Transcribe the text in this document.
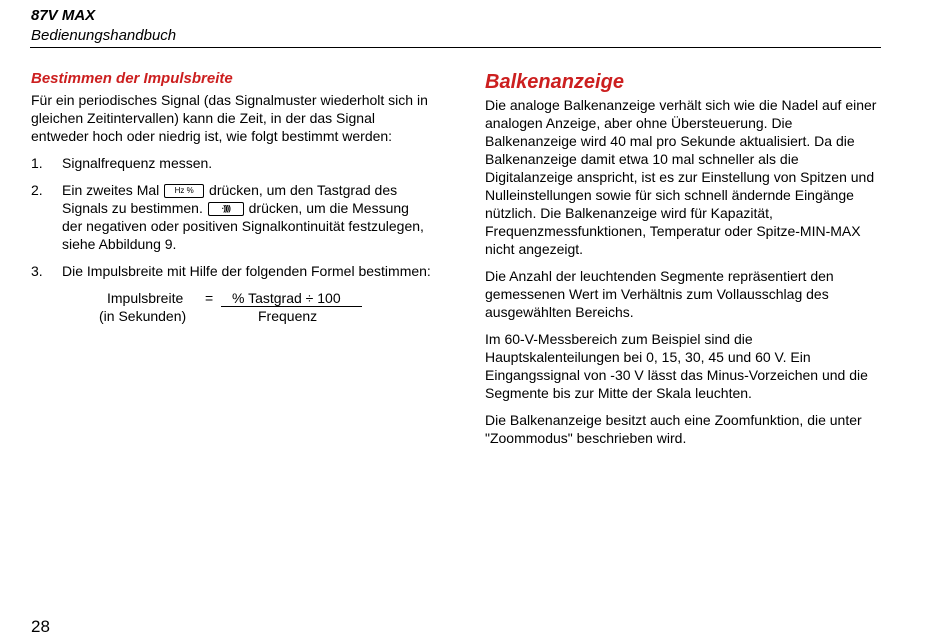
87V MAX
Bedienungshandbuch
Bestimmen der Impulsbreite

Für ein periodisches Signal (das Signalmuster wiederholt sich in gleichen Zeitintervallen) kann die Zeit, in der das Signal entweder hoch oder niedrig ist, wie folgt bestimmt werden:

1. Signalfrequenz messen.
2. Ein zweites Mal Hz % drücken, um den Tastgrad des Signals zu bestimmen. ·)))) drücken, um die Messung der negativen oder positiven Signalkontinuität festzulegen, siehe Abbildung 9.
3. Die Impulsbreite mit Hilfe der folgenden Formel bestimmen:
Impulsbreite
(in Sekunden)
= % Tastgrad ÷ 100
Frequenz
Balkenanzeige

Die analoge Balkenanzeige verhält sich wie die Nadel auf einer analogen Anzeige, aber ohne Übersteuerung. Die Balkenanzeige wird 40 mal pro Sekunde aktualisiert. Da die Balkenanzeige damit etwa 10 mal schneller als die Digitalanzeige anspricht, ist es zur Einstellung von Spitzen und Nulleinstellungen sowie für sich schnell ändernde Eingänge nützlich. Die Balkenanzeige wird für Kapazität, Frequenzmessfunktionen, Temperatur oder Spitze-MIN-MAX nicht angezeigt.

Die Anzahl der leuchtenden Segmente repräsentiert den gemessenen Wert im Verhältnis zum Vollausschlag des ausgewählten Bereichs.

Im 60-V-Messbereich zum Beispiel sind die Hauptskalenteilungen bei 0, 15, 30, 45 und 60 V. Ein Eingangssignal von -30 V lässt das Minus-Vorzeichen und die Segmente bis zur Mitte der Skala leuchten.

Die Balkenanzeige besitzt auch eine Zoomfunktion, die unter "Zoommodus" beschrieben wird.

28
